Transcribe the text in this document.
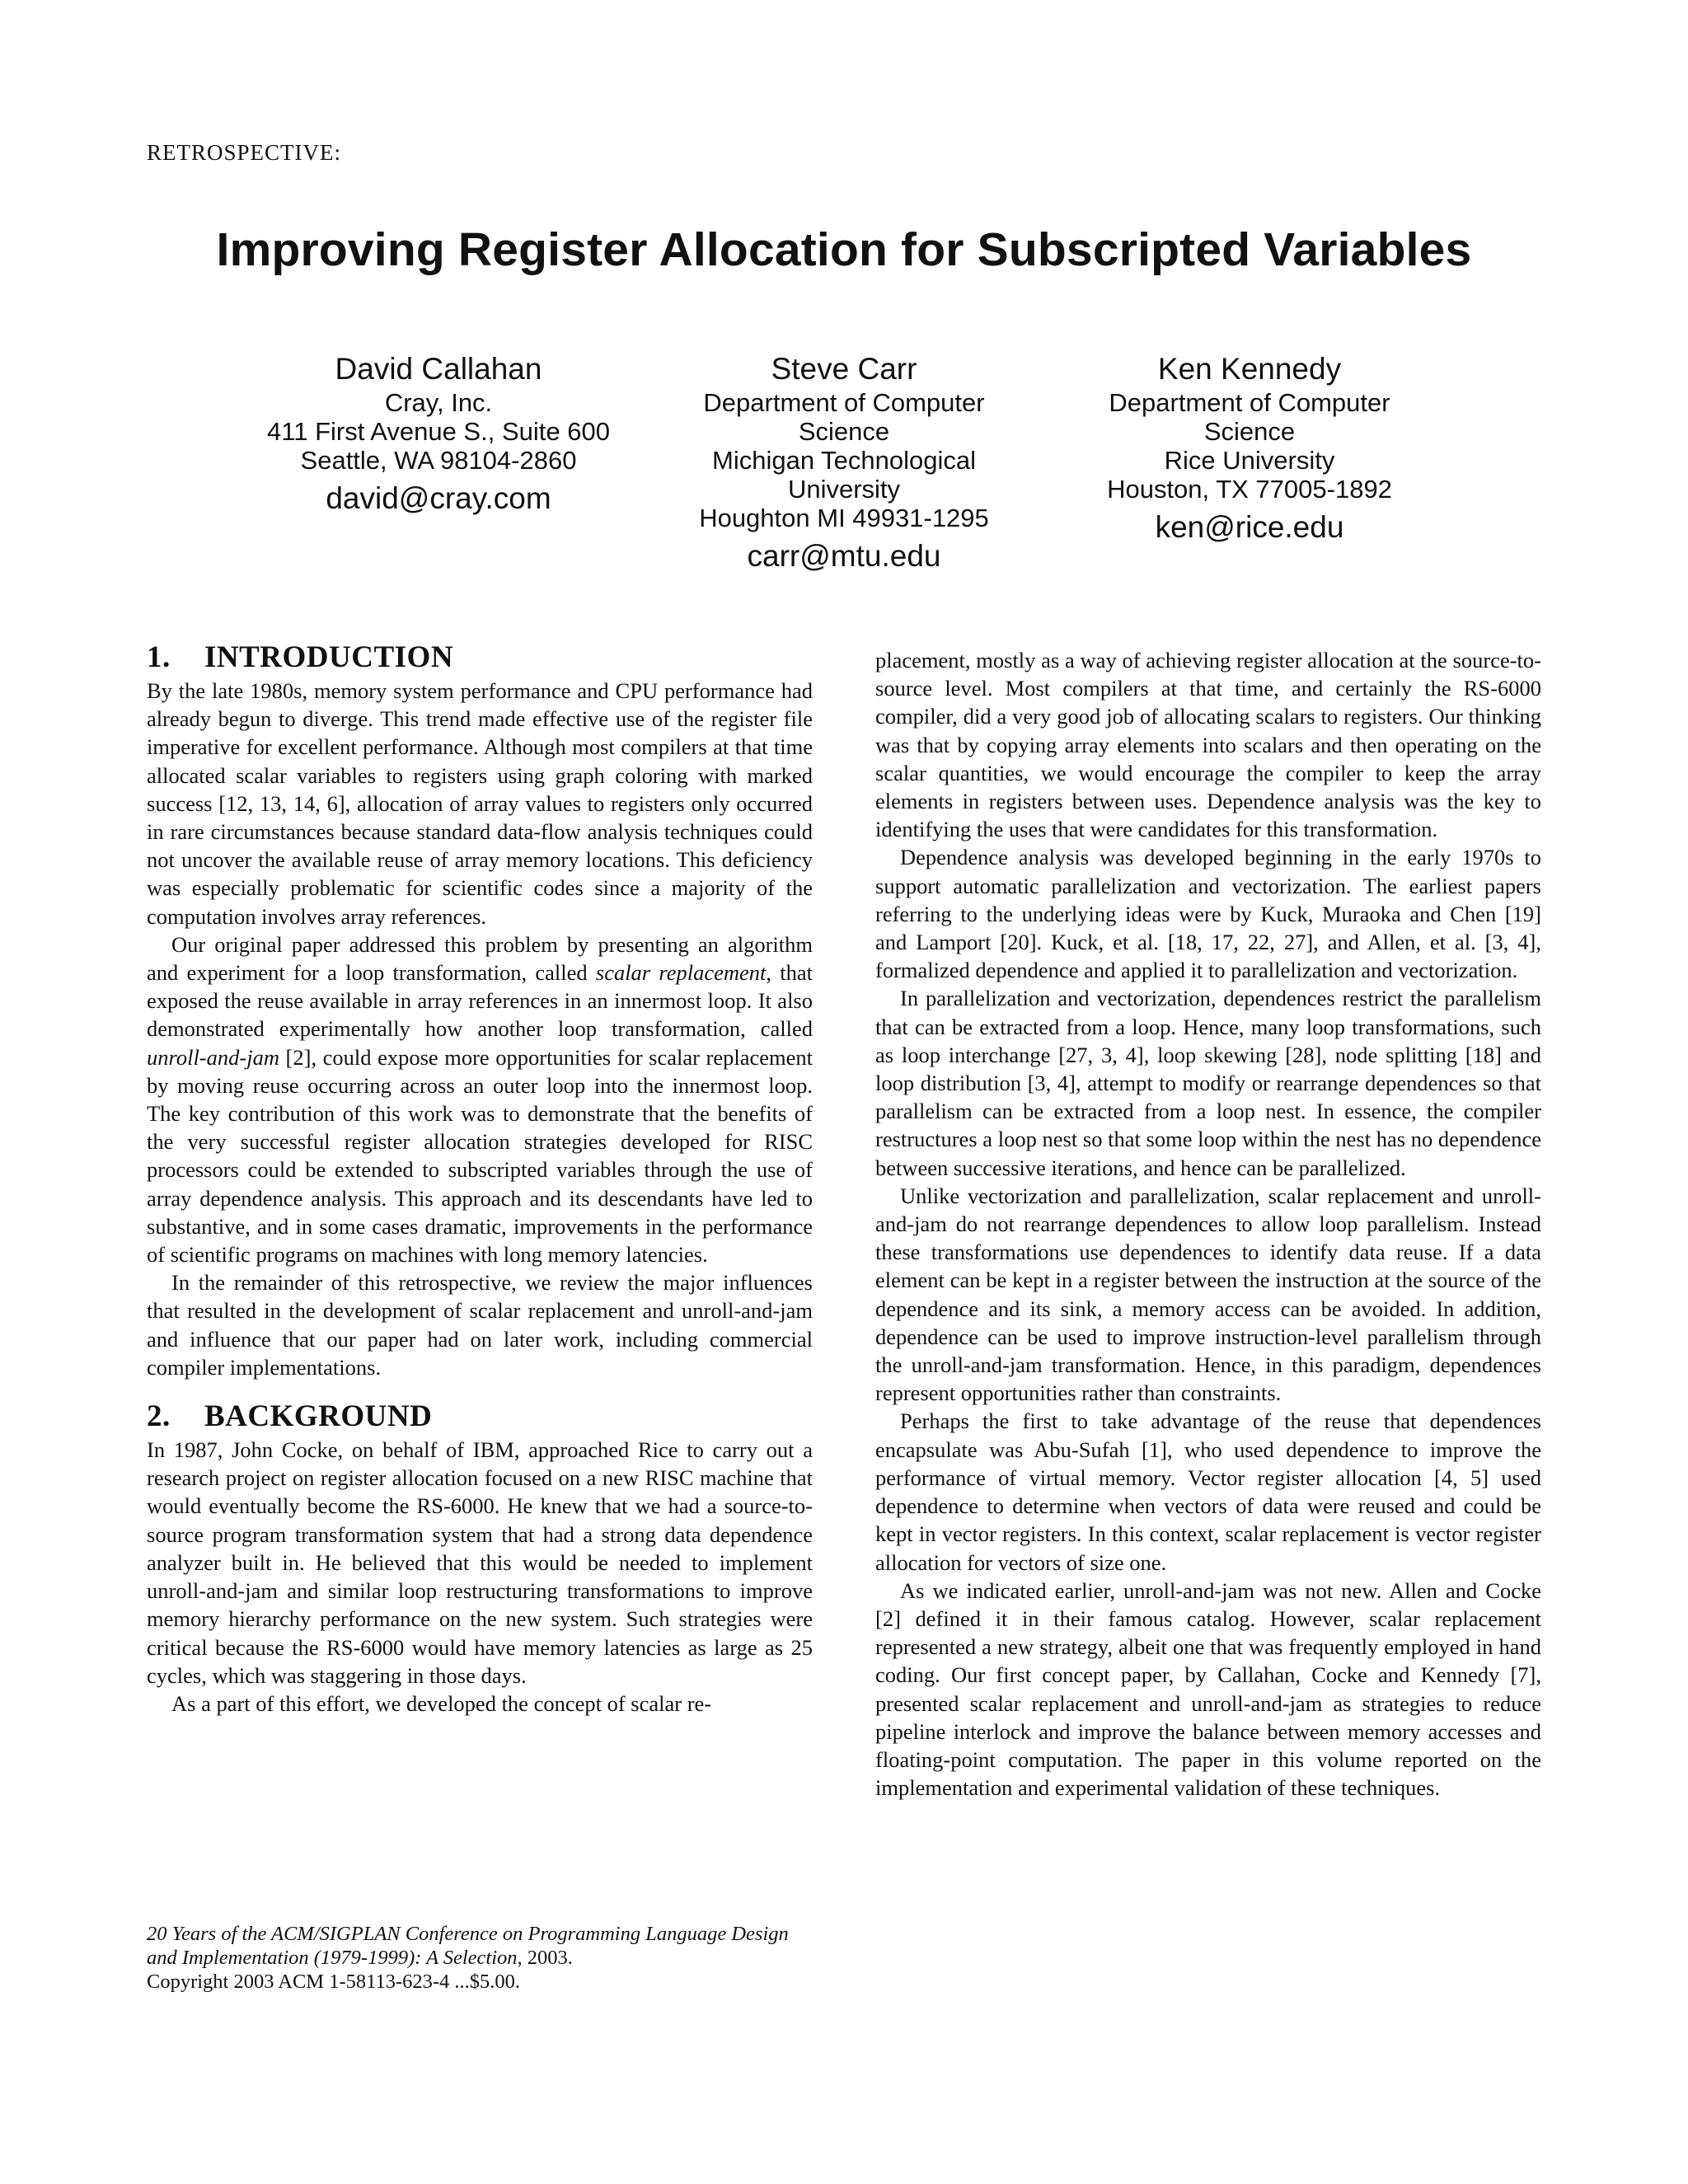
RETROSPECTIVE:
Improving Register Allocation for Subscripted Variables
David Callahan
Cray, Inc.
411 First Avenue S., Suite 600
Seattle, WA 98104-2860
david@cray.com
Steve Carr
Department of Computer
Science
Michigan Technological
University
Houghton MI 49931-1295
carr@mtu.edu
Ken Kennedy
Department of Computer
Science
Rice University
Houston, TX 77005-1892
ken@rice.edu
1. INTRODUCTION

By the late 1980s, memory system performance and CPU performance had already begun to diverge. This trend made effective use of the register file imperative for excellent performance. Although most compilers at that time allocated scalar variables to registers using graph coloring with marked success [12, 13, 14, 6], allocation of array values to registers only occurred in rare circumstances because standard data-flow analysis techniques could not uncover the available reuse of array memory locations. This deficiency was especially problematic for scientific codes since a majority of the computation involves array references.

Our original paper addressed this problem by presenting an algorithm and experiment for a loop transformation, called scalar replacement, that exposed the reuse available in array references in an innermost loop. It also demonstrated experimentally how another loop transformation, called unroll-and-jam [2], could expose more opportunities for scalar replacement by moving reuse occurring across an outer loop into the innermost loop. The key contribution of this work was to demonstrate that the benefits of the very successful register allocation strategies developed for RISC processors could be extended to subscripted variables through the use of array dependence analysis. This approach and its descendants have led to substantive, and in some cases dramatic, improvements in the performance of scientific programs on machines with long memory latencies.

In the remainder of this retrospective, we review the major influences that resulted in the development of scalar replacement and unroll-and-jam and influence that our paper had on later work, including commercial compiler implementations.

2. BACKGROUND

In 1987, John Cocke, on behalf of IBM, approached Rice to carry out a research project on register allocation focused on a new RISC machine that would eventually become the RS-6000. He knew that we had a source-to-source program transformation system that had a strong data dependence analyzer built in. He believed that this would be needed to implement unroll-and-jam and similar loop restructuring transformations to improve memory hierarchy performance on the new system. Such strategies were critical because the RS-6000 would have memory latencies as large as 25 cycles, which was staggering in those days.

As a part of this effort, we developed the concept of scalar re-

20 Years of the ACM/SIGPLAN Conference on Programming Language Design and Implementation (1979-1999): A Selection, 2003.
Copyright 2003 ACM 1-58113-623-4 ...$5.00.

placement, mostly as a way of achieving register allocation at the source-to-source level. Most compilers at that time, and certainly the RS-6000 compiler, did a very good job of allocating scalars to registers. Our thinking was that by copying array elements into scalars and then operating on the scalar quantities, we would encourage the compiler to keep the array elements in registers between uses. Dependence analysis was the key to identifying the uses that were candidates for this transformation.

Dependence analysis was developed beginning in the early 1970s to support automatic parallelization and vectorization. The earliest papers referring to the underlying ideas were by Kuck, Muraoka and Chen [19] and Lamport [20]. Kuck, et al. [18, 17, 22, 27], and Allen, et al. [3, 4], formalized dependence and applied it to parallelization and vectorization.

In parallelization and vectorization, dependences restrict the parallelism that can be extracted from a loop. Hence, many loop transformations, such as loop interchange [27, 3, 4], loop skewing [28], node splitting [18] and loop distribution [3, 4], attempt to modify or rearrange dependences so that parallelism can be extracted from a loop nest. In essence, the compiler restructures a loop nest so that some loop within the nest has no dependence between successive iterations, and hence can be parallelized.

Unlike vectorization and parallelization, scalar replacement and unroll-and-jam do not rearrange dependences to allow loop parallelism. Instead these transformations use dependences to identify data reuse. If a data element can be kept in a register between the instruction at the source of the dependence and its sink, a memory access can be avoided. In addition, dependence can be used to improve instruction-level parallelism through the unroll-and-jam transformation. Hence, in this paradigm, dependences represent opportunities rather than constraints.

Perhaps the first to take advantage of the reuse that dependences encapsulate was Abu-Sufah [1], who used dependence to improve the performance of virtual memory. Vector register allocation [4, 5] used dependence to determine when vectors of data were reused and could be kept in vector registers. In this context, scalar replacement is vector register allocation for vectors of size one.

As we indicated earlier, unroll-and-jam was not new. Allen and Cocke [2] defined it in their famous catalog. However, scalar replacement represented a new strategy, albeit one that was frequently employed in hand coding. Our first concept paper, by Callahan, Cocke and Kennedy [7], presented scalar replacement and unroll-and-jam as strategies to reduce pipeline interlock and improve the balance between memory accesses and floating-point computation. The paper in this volume reported on the implementation and experimental validation of these techniques.
